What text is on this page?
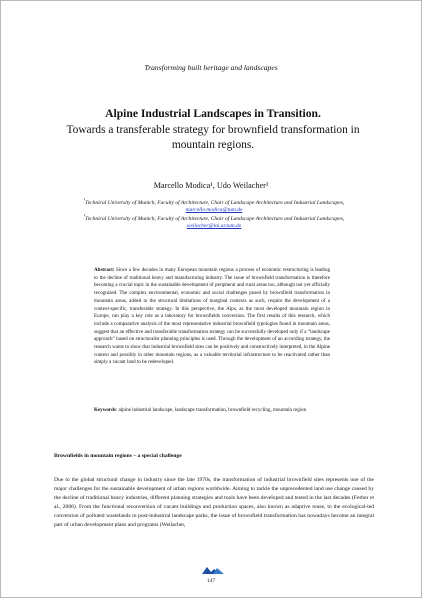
Transforming built heritage and landscapes
Alpine Industrial Landscapes in Transition.
Towards a transferable strategy for brownfield transformation in mountain regions.
Marcello Modica¹, Udo Weilacher²
$^{^1}$Technical University of Munich, Faculty of Architecture, Chair of Landscape Architecture and Industrial Landscapes, marcello.modica@tum.de
$^{^2}$Technical University of Munich, Faculty of Architecture, Chair of Landscape Architecture and Industrial Landscapes, weilacher@lai.ar.tum.de
Abstract: Since a few decades in many European mountain regions a process of economic restructuring is leading to the decline of traditional heavy and manufacturing industry. The issue of brownfield transformation is therefore becoming a crucial topic in the sustainable development of peripheral and rural areas too, although not yet officially recognized. The complex environmental, economic and social challenges posed by brownfield transformation in mountain areas, added to the structural limitations of marginal contexts as such, require the development of a context-specific, transferable strategy. In this perspective, the Alps, as the most developed mountain region in Europe, can play a key role as a laboratory for brownfields conversion. The first results of this research, which include a comparative analysis of the most representative industrial brownfield typologies found in mountain areas, suggest that an effective and transferable transformation strategy can be successfully developed only if a “landscape approach” based on structuralist planning principles is used. Through the development of an according strategy, the research wants to show that industrial brownfield sites can be positively and constructively interpreted, in the Alpine context and possibly in other mountain regions, as a valuable territorial infrastructure to be reactivated rather than simply a vacant land to be redeveloped.
Keywords: alpine industrial landscape, landscape transformation, brownfield recycling, mountain region
Brownfields in mountain regions – a special challenge
Due to the global structural change in industry since the late 1970s, the transformation of industrial brownfield sites represents one of the major challenges for the sustainable development of urban regions worldwide. Aiming to tackle the unprecedented land use change caused by the decline of traditional heavy industries, different planning strategies and tools have been developed and tested in the last decades (Ferber et al., 2006). From the functional reconversion of vacant buildings and production spaces, also known as adaptive reuse, to the ecological-led conversion of polluted wastelands in post-industrial landscape parks, the issue of brownfield transformation has nowadays become an integral part of urban development plans and programs (Weilacher,
147
